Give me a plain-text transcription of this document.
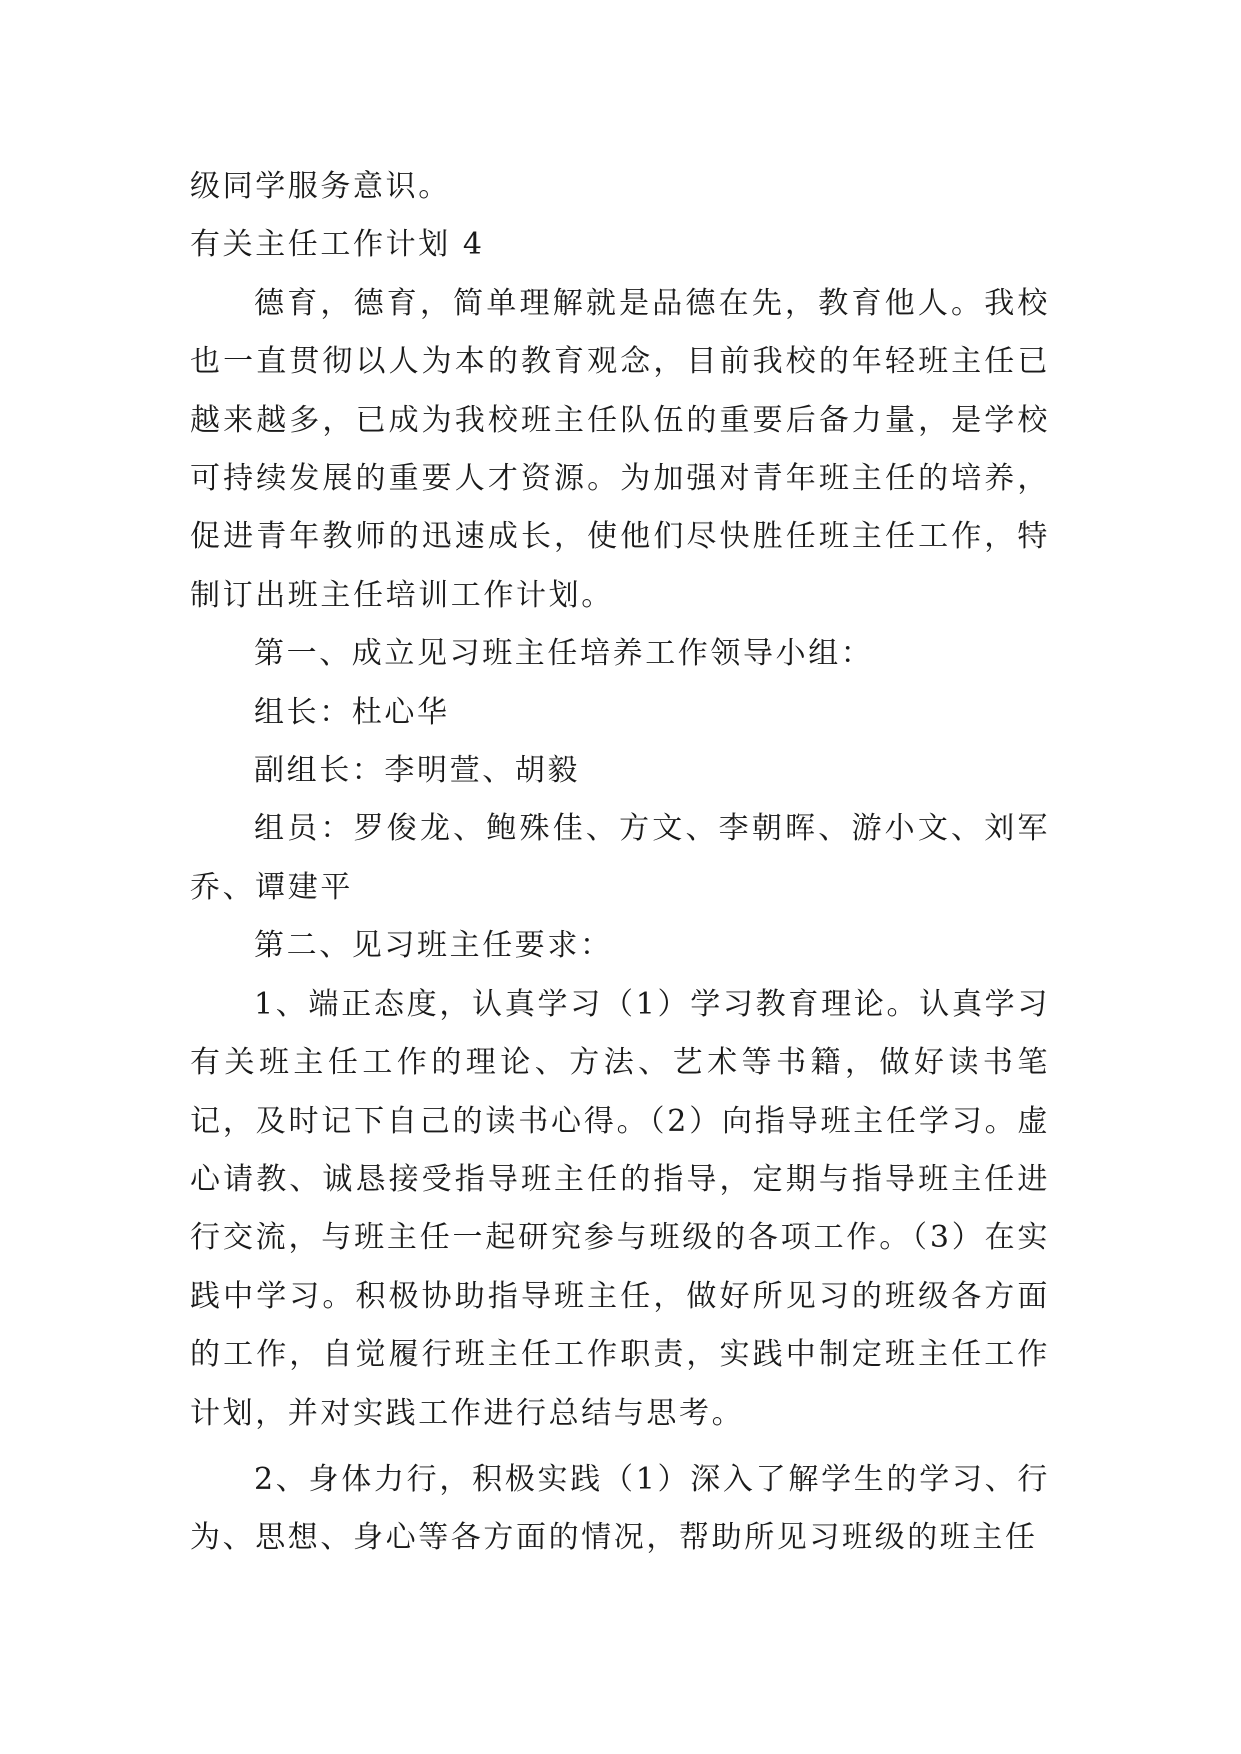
级同学服务意识。

有关主任工作计划 4

德育，德育，简单理解就是品德在先，教育他人。我校也一直贯彻以人为本的教育观念，目前我校的年轻班主任已越来越多，已成为我校班主任队伍的重要后备力量，是学校可持续发展的重要人才资源。为加强对青年班主任的培养，促进青年教师的迅速成长，使他们尽快胜任班主任工作，特制订出班主任培训工作计划。

第一、成立见习班主任培养工作领导小组：

组长：杜心华

副组长：李明萱、胡毅

组员：罗俊龙、鲍殊佳、方文、李朝晖、游小文、刘军乔、谭建平

第二、见习班主任要求：

1、端正态度，认真学习（1）学习教育理论。认真学习有关班主任工作的理论、方法、艺术等书籍，做好读书笔记，及时记下自己的读书心得。（2）向指导班主任学习。虚心请教、诚恳接受指导班主任的指导，定期与指导班主任进行交流，与班主任一起研究参与班级的各项工作。（3）在实践中学习。积极协助指导班主任，做好所见习的班级各方面的工作，自觉履行班主任工作职责，实践中制定班主任工作计划，并对实践工作进行总结与思考。

2、身体力行，积极实践（1）深入了解学生的学习、行为、思想、身心等各方面的情况，帮助所见习班级的班主任
